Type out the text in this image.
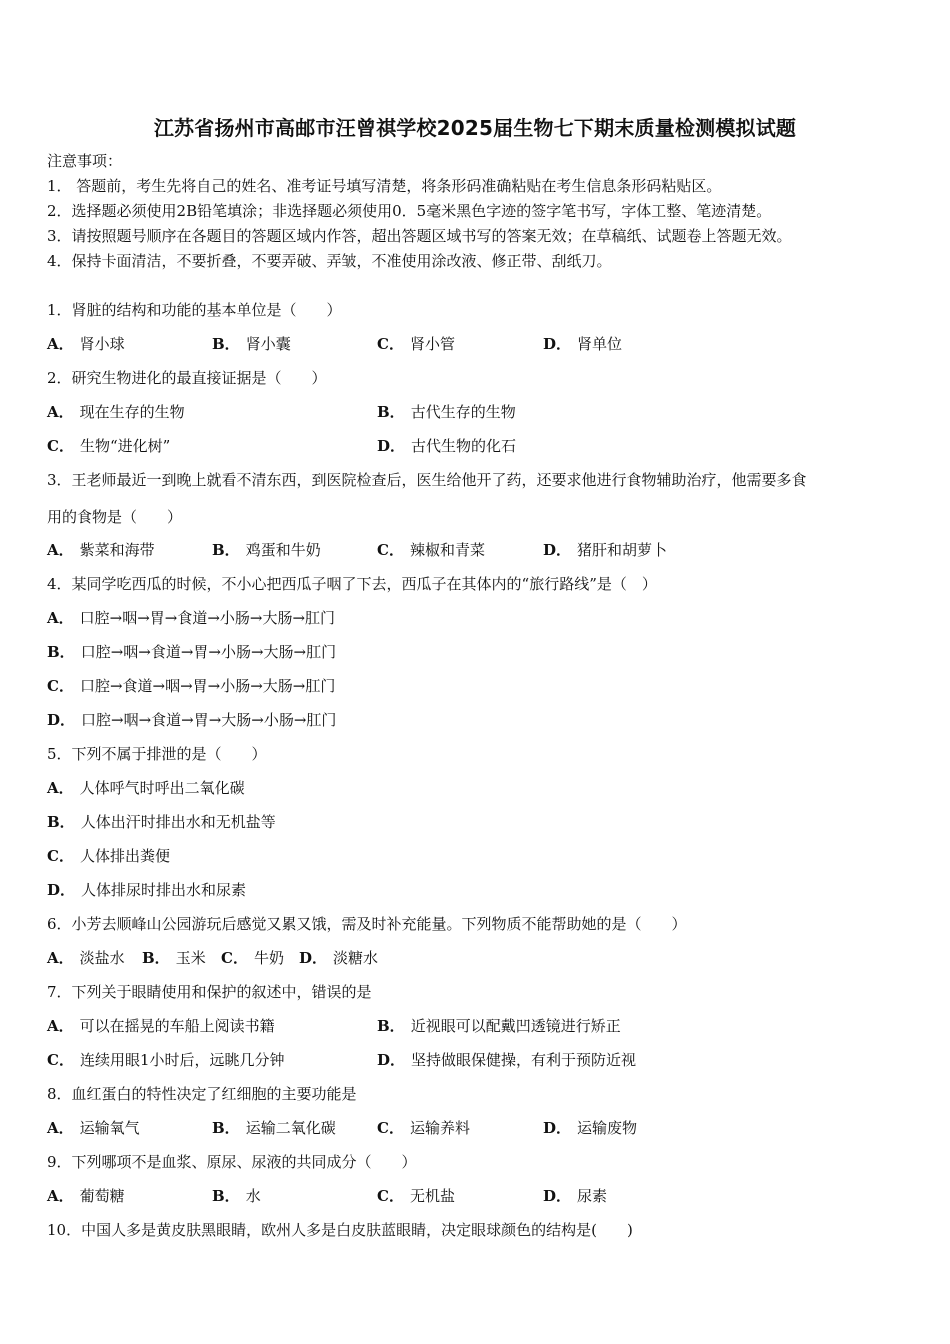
江苏省扬州市高邮市汪曾祺学校2025届生物七下期末质量检测模拟试题
注意事项：
1． 答题前，考生先将自己的姓名、准考证号填写清楚，将条形码准确粘贴在考生信息条形码粘贴区。
2．选择题必须使用2B铅笔填涂；非选择题必须使用0．5毫米黑色字迹的签字笔书写，字体工整、笔迹清楚。
3．请按照题号顺序在各题目的答题区域内作答，超出答题区域书写的答案无效；在草稿纸、试题卷上答题无效。
4．保持卡面清洁，不要折叠，不要弄破、弄皱，不准使用涂改液、修正带、刮纸刀。
1．肾脏的结构和功能的基本单位是（　　）
A． 肾小球	B． 肾小囊	C． 肾小管	D． 肾单位
2．研究生物进化的最直接证据是（　　）
A． 现在生存的生物	B． 古代生存的生物
C． 生物“进化树”	D． 古代生物的化石
3．王老师最近一到晚上就看不清东西，到医院检查后，医生给他开了药，还要求他进行食物辅助治疗，他需要多食
用的食物是（　　）
A． 紫菜和海带	B． 鸡蛋和牛奶	C． 辣椒和青菜	D． 猪肝和胡萝卜
4．某同学吃西瓜的时候，不小心把西瓜子咽了下去，西瓜子在其体内的“旅行路线”是（　）
A． 口腔→咽→胃→食道→小肠→大肠→肛门
B． 口腔→咽→食道→胃→小肠→大肠→肛门
C． 口腔→食道→咽→胃→小肠→大肠→肛门
D． 口腔→咽→食道→胃→大肠→小肠→肛门
5．下列不属于排泄的是（　　）
A． 人体呼气时呼出二氧化碳
B． 人体出汗时排出水和无机盐等
C． 人体排出粪便
D． 人体排尿时排出水和尿素
6．小芳去顺峰山公园游玩后感觉又累又饿，需及时补充能量。下列物质不能帮助她的是（　　）
A． 淡盐水 B． 玉米 C． 牛奶 D． 淡糖水
7．下列关于眼睛使用和保护的叙述中，错误的是
A． 可以在摇晃的车船上阅读书籍	B． 近视眼可以配戴凹透镜进行矫正
C． 连续用眼1小时后，远眺几分钟	D． 坚持做眼保健操，有利于预防近视
8．血红蛋白的特性决定了红细胞的主要功能是
A． 运输氧气	B． 运输二氧化碳	C． 运输养料	D． 运输废物
9．下列哪项不是血浆、原尿、尿液的共同成分（　　）
A． 葡萄糖	B． 水	C． 无机盐	D． 尿素
10．中国人多是黄皮肤黑眼睛，欧州人多是白皮肤蓝眼睛，决定眼球颜色的结构是(　　)
